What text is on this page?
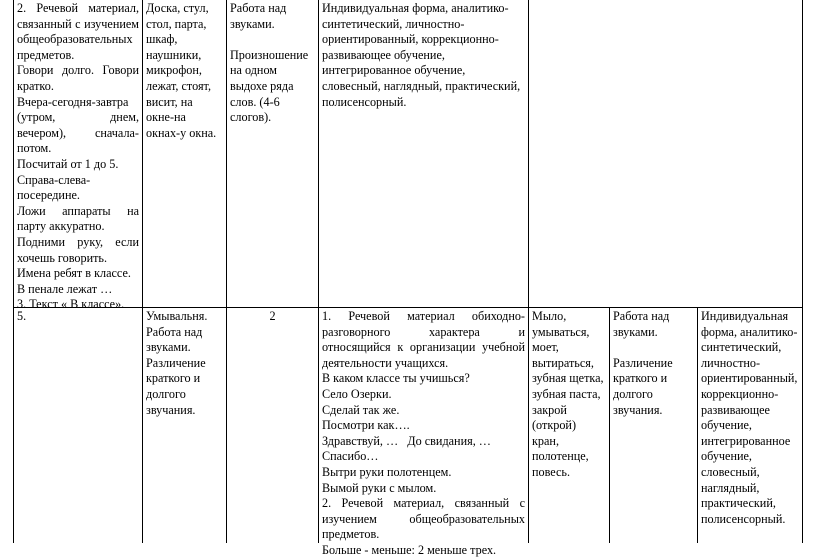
2. Речевой материал, связанный с изучением общеобразовательных предметов.

Говори долго. Говори кратко.

Вчера-сегодня-завтра (утром, днем, вечером), сначала-потом.

Посчитай от 1 до 5.

Справа-слева-посередине.

Ложи аппараты на парту аккуратно.

Подними руку, если хочешь говорить.

Имена ребят в классе.

В пенале лежат …

3. Текст « В классе».

Доска, стул, стол, парта, шкаф, наушники, микрофон, лежат, стоят, висит, на окне-на окнах-у окна.

Работа над звуками.

Произношение на одном выдохе ряда слов. (4-6 слогов).

Индивидуальная форма, аналитико-синтетический, личностно-ориентированный, коррекционно-развивающее обучение, интегрированное обучение, словесный, наглядный, практический, полисенсорный.

5.	Умывальня. Работа над звуками. Различение краткого и долгого звучания.

2	1. Речевой материал обиходно-разговорного характера и относящийся к организации учебной деятельности учащихся.

В каком классе ты учишься?

Село Озерки.

Сделай так же.

Посмотри как….

Здравствуй, …   До свидания, …

Спасибо…

Вытри руки полотенцем.

Вымой руки с мылом.

2. Речевой материал, связанный с изучением общеобразовательных предметов.

Больше - меньше: 2 меньше трех.

Мыло, умываться, моет, вытираться, зубная щетка, зубная паста, закрой (открой) кран, полотенце, повесь.

Работа над звуками.

Различение краткого и долгого звучания.

Индивидуальная форма, аналитико-синтетический, личностно-ориентированный, коррекционно-развивающее обучение, интегрированное обучение, словесный, наглядный, практический, полисенсорный.
